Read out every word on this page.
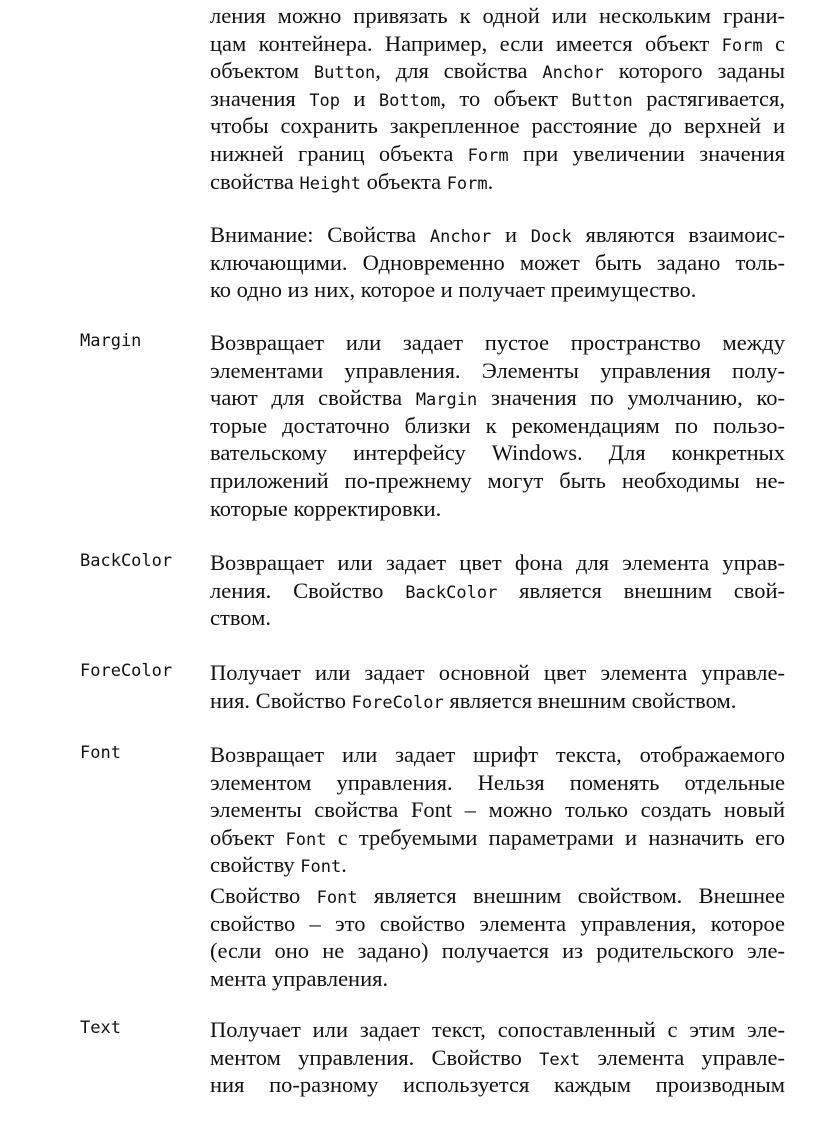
ления можно привязать к одной или нескольким грани-
цам контейнера. Например, если имеется объект Form с
объектом Button, для свойства Anchor которого заданы
значения Top и Bottom, то объект Button растягивается,
чтобы сохранить закрепленное расстояние до верхней и
нижней границ объекта Form при увеличении значения
свойства Height объекта Form.
Внимание: Свойства Anchor и Dock являются взаимоис-
ключающими. Одновременно может быть задано толь-
ко одно из них, которое и получает преимущество.
Margin	Возвращает или задает пустое пространство между
элементами управления. Элементы управления полу-
чают для свойства Margin значения по умолчанию, ко-
торые достаточно близки к рекомендациям по пользо-
вательскому интерфейсу Windows. Для конкретных
приложений по-прежнему могут быть необходимы не-
которые корректировки.
BackColor Возвращает или задает цвет фона для элемента управ-
ления. Свойство BackColor является внешним свой-
ством.
ForeColor Получает или задает основной цвет элемента управле-
ния. Свойство ForeColor является внешним свойством.
Font	Возвращает или задает шрифт текста, отображаемого
элементом управления. Нельзя поменять отдельные
элементы свойства Font – можно только создать новый
объект Font с требуемыми параметрами и назначить его
свойству Font.
Свойство Font является внешним свойством. Внешнее
свойство – это свойство элемента управления, которое
(если оно не задано) получается из родительского эле-
мента управления.
Text	Получает или задает текст, сопоставленный с этим эле-
ментом управления. Свойство Text элемента управле-
ния по-разному используется каждым производным
